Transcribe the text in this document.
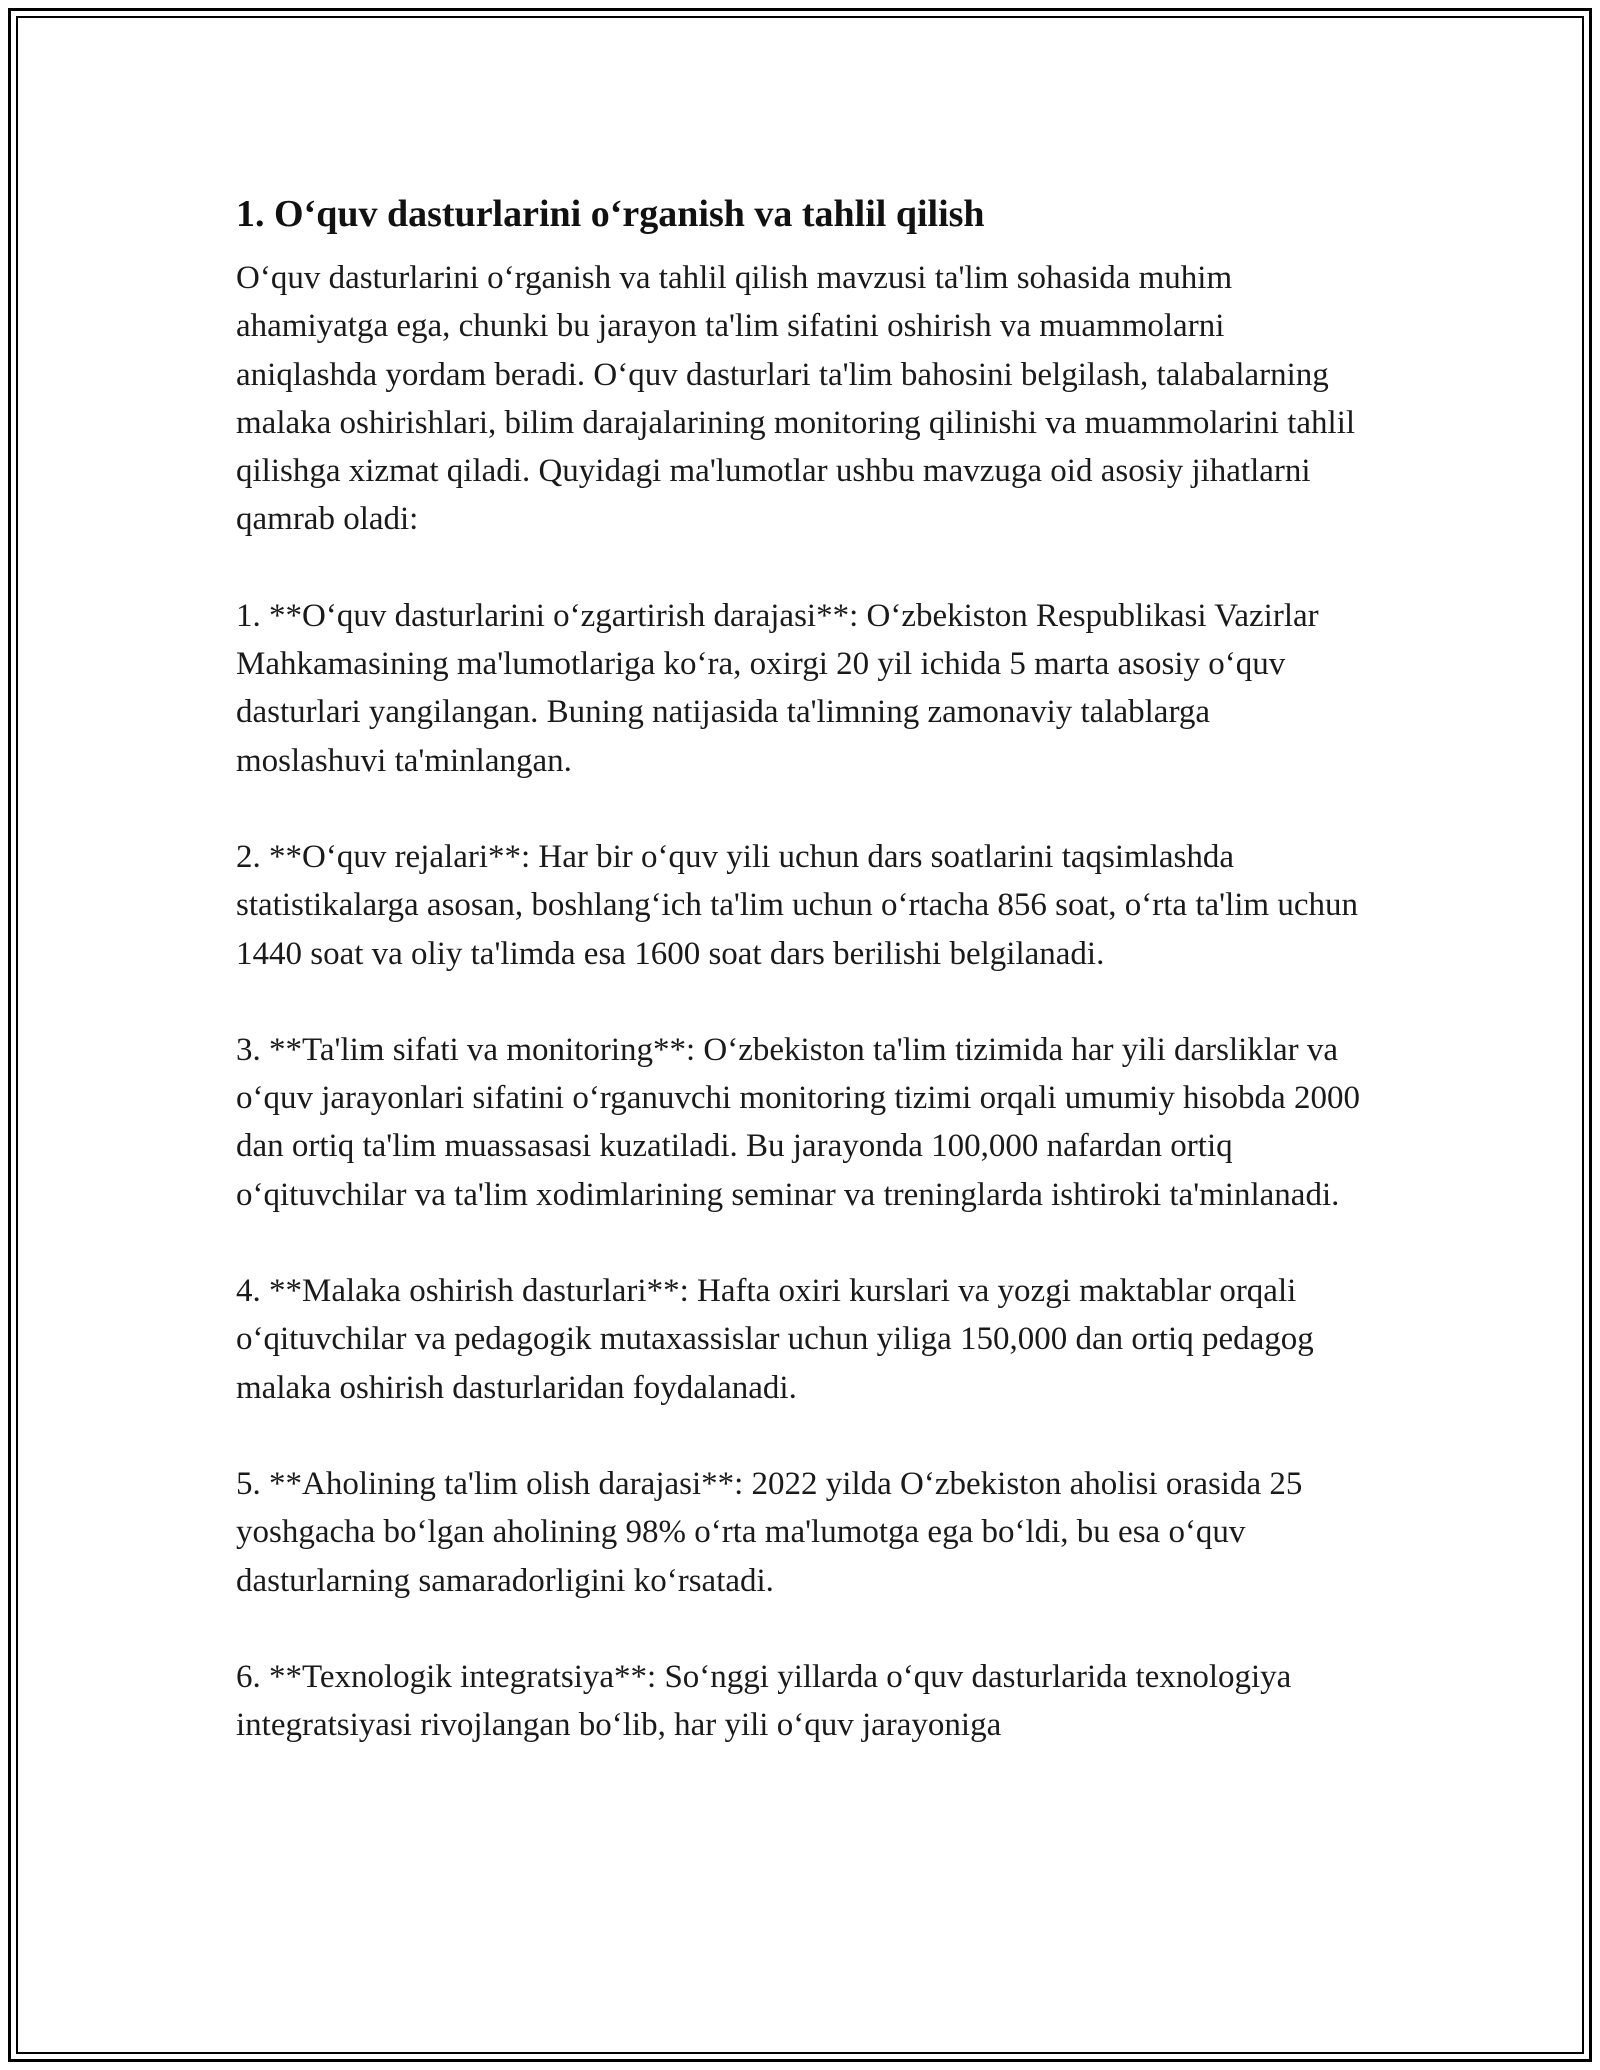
1. O‘quv dasturlarini o‘rganish va tahlil qilish

O‘quv dasturlarini o‘rganish va tahlil qilish mavzusi ta'lim sohasida muhim ahamiyatga ega, chunki bu jarayon ta'lim sifatini oshirish va muammolarni aniqlashda yordam beradi. O‘quv dasturlari ta'lim bahosini belgilash, talabalarning malaka oshirishlari, bilim darajalarining monitoring qilinishi va muammolarini tahlil qilishga xizmat qiladi. Quyidagi ma'lumotlar ushbu mavzuga oid asosiy jihatlarni qamrab oladi:

1. **O‘quv dasturlarini o‘zgartirish darajasi**: O‘zbekiston Respublikasi Vazirlar Mahkamasining ma'lumotlariga ko‘ra, oxirgi 20 yil ichida 5 marta asosiy o‘quv dasturlari yangilangan. Buning natijasida ta'limning zamonaviy talablarga moslashuvi ta'minlangan.

2. **O‘quv rejalari**: Har bir o‘quv yili uchun dars soatlarini taqsimlashda statistikalarga asosan, boshlang‘ich ta'lim uchun o‘rtacha 856 soat, o‘rta ta'lim uchun 1440 soat va oliy ta'limda esa 1600 soat dars berilishi belgilanadi.

3. **Ta'lim sifati va monitoring**: O‘zbekiston ta'lim tizimida har yili darsliklar va o‘quv jarayonlari sifatini o‘rganuvchi monitoring tizimi orqali umumiy hisobda 2000 dan ortiq ta'lim muassasasi kuzatiladi. Bu jarayonda 100,000 nafardan ortiq o‘qituvchilar va ta'lim xodimlarining seminar va treninglarda ishtiroki ta'minlanadi.

4. **Malaka oshirish dasturlari**: Hafta oxiri kurslari va yozgi maktablar orqali o‘qituvchilar va pedagogik mutaxassislar uchun yiliga 150,000 dan ortiq pedagog malaka oshirish dasturlaridan foydalanadi.

5. **Aholining ta'lim olish darajasi**: 2022 yilda O‘zbekiston aholisi orasida 25 yoshgacha bo‘lgan aholining 98% o‘rta ma'lumotga ega bo‘ldi, bu esa o‘quv dasturlarning samaradorligini ko‘rsatadi.

6. **Texnologik integratsiya**: So‘nggi yillarda o‘quv dasturlarida texnologiya integratsiyasi rivojlangan bo‘lib, har yili o‘quv jarayoniga
